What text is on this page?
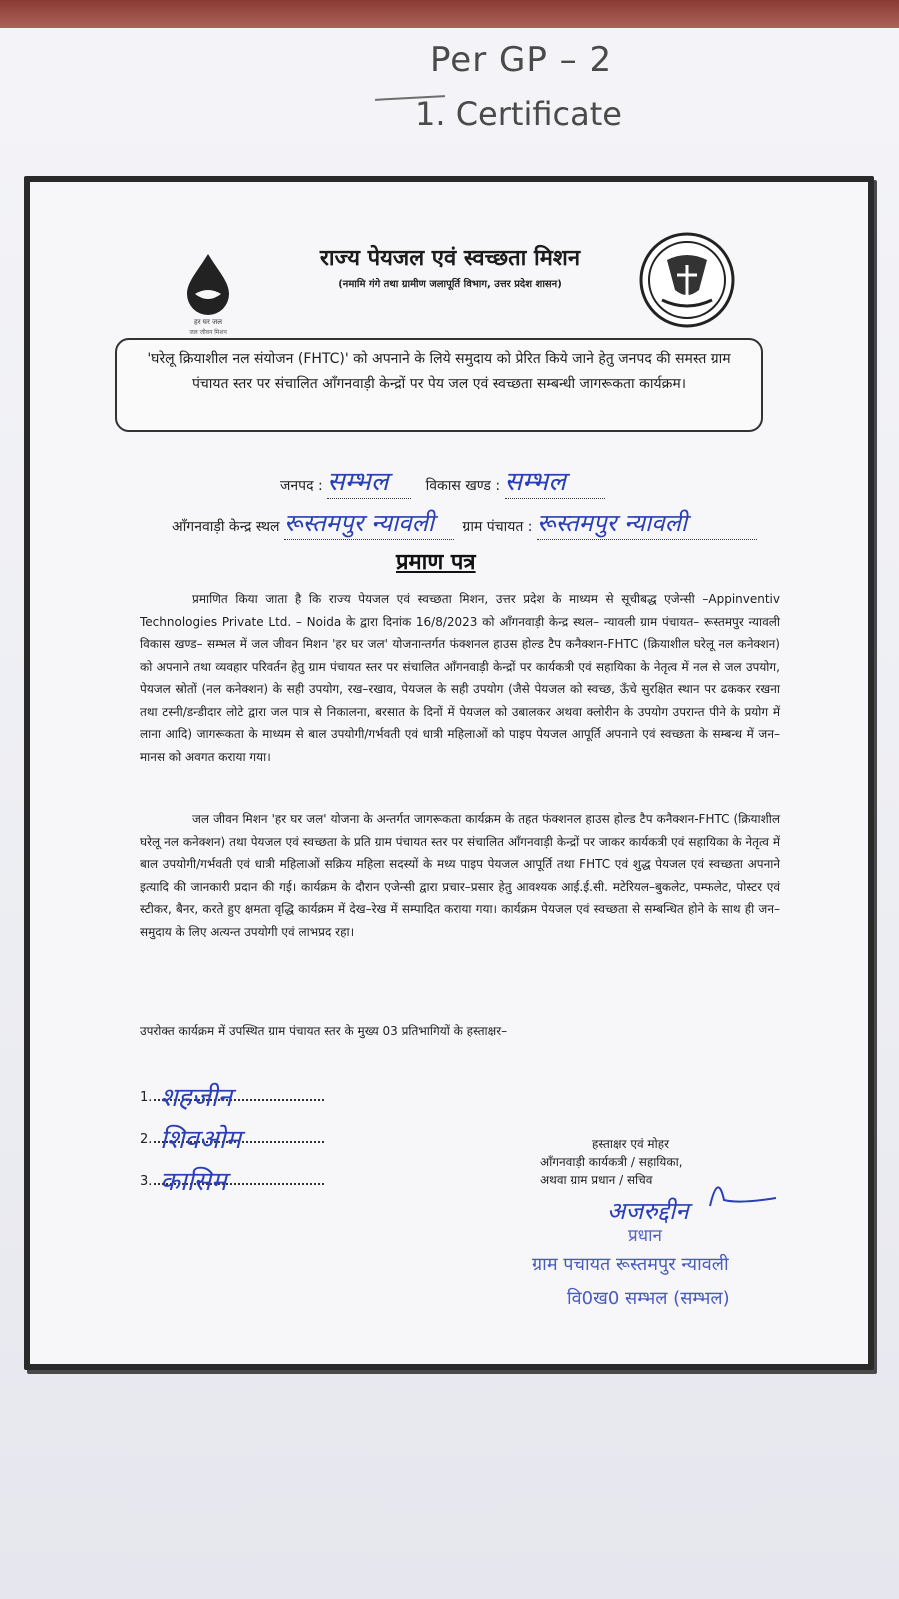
Per GP – 2
1. Certificate
हर घर जल
जल जीवन मिशन
राज्य पेयजल एवं स्वच्छता मिशन
(नमामि गंगे तथा ग्रामीण जलापूर्ति विभाग, उत्तर प्रदेश शासन)
'घरेलू क्रियाशील नल संयोजन (FHTC)' को अपनाने के लिये समुदाय को प्रेरित किये जाने हेतु जनपद की समस्त ग्राम पंचायत स्तर पर संचालित आँगनवाड़ी केन्द्रों पर पेय जल एवं स्वच्छता सम्बन्धी जागरूकता कार्यक्रम।
जनपद : सम्भल	विकास खण्ड : सम्भल
आँगनवाड़ी केन्द्र स्थल रूस्तमपुर न्यावली ग्राम पंचायत : रूस्तमपुर न्यावली
प्रमाण पत्र
प्रमाणित किया जाता है कि राज्य पेयजल एवं स्वच्छता मिशन, उत्तर प्रदेश के माध्यम से सूचीबद्ध एजेन्सी –Appinventiv Technologies Private Ltd. – Noida के द्वारा दिनांक 16/8/2023 को आँगनवाड़ी केन्द्र स्थल– न्यावली ग्राम पंचायत– रूस्तमपुर न्यावली विकास खण्ड– सम्भल में जल जीवन मिशन 'हर घर जल' योजनान्तर्गत फंक्शनल हाउस होल्ड टैप कनैक्शन-FHTC (क्रियाशील घरेलू नल कनेक्शन) को अपनाने तथा व्यवहार परिवर्तन हेतु ग्राम पंचायत स्तर पर संचालित आँगनवाड़ी केन्द्रों पर कार्यकत्री एवं सहायिका के नेतृत्व में नल से जल उपयोग, पेयजल स्रोतों (नल कनेक्शन) के सही उपयोग, रख–रखाव, पेयजल के सही उपयोग (जैसे पेयजल को स्वच्छ, ऊँचे सुरक्षित स्थान पर ढककर रखना तथा टस्नी/डन्डीदार लोटे द्वारा जल पात्र से निकालना, बरसात के दिनों में पेयजल को उबालकर अथवा क्लोरीन के उपयोग उपरान्त पीने के प्रयोग में लाना आदि) जागरूकता के माध्यम से बाल उपयोगी/गर्भवती एवं धात्री महिलाओं को पाइप पेयजल आपूर्ति अपनाने एवं स्वच्छता के सम्बन्ध में जन–मानस को अवगत कराया गया।
जल जीवन मिशन 'हर घर जल' योजना के अन्तर्गत जागरूकता कार्यक्रम के तहत फंक्शनल हाउस होल्ड टैप कनैक्शन-FHTC (क्रियाशील घरेलू नल कनेक्शन) तथा पेयजल एवं स्वच्छता के प्रति ग्राम पंचायत स्तर पर संचालित आँगनवाड़ी केन्द्रों पर जाकर कार्यकत्री एवं सहायिका के नेतृत्व में बाल उपयोगी/गर्भवती एवं धात्री महिलाओं सक्रिय महिला सदस्यों के मध्य पाइप पेयजल आपूर्ति तथा FHTC एवं शुद्ध पेयजल एवं स्वच्छता अपनाने इत्यादि की जानकारी प्रदान की गई। कार्यक्रम के दौरान एजेन्सी द्वारा प्रचार–प्रसार हेतु आवश्यक आई.ई.सी. मटेरियल–बुकलेट, पम्फलेट, पोस्टर एवं स्टीकर, बैनर, करते हुए क्षमता वृद्धि कार्यक्रम में देख–रेख में सम्पादित कराया गया। कार्यक्रम पेयजल एवं स्वच्छता से सम्बन्धित होने के साथ ही जन–समुदाय के लिए अत्यन्त उपयोगी एवं लाभप्रद रहा।
उपरोक्त कार्यक्रम में उपस्थित ग्राम पंचायत स्तर के मुख्य 03 प्रतिभागियों के हस्ताक्षर–
1. शहजीन
2. शिवओम
3. कासिम
हस्ताक्षर एवं मोहर
आँगनवाड़ी कार्यकत्री / सहायिका,
अथवा ग्राम प्रधान / सचिव
अजरुद्दीन
प्रधान
ग्राम पचायत रूस्तमपुर न्यावली
वि0ख0 सम्भल (सम्भल)
